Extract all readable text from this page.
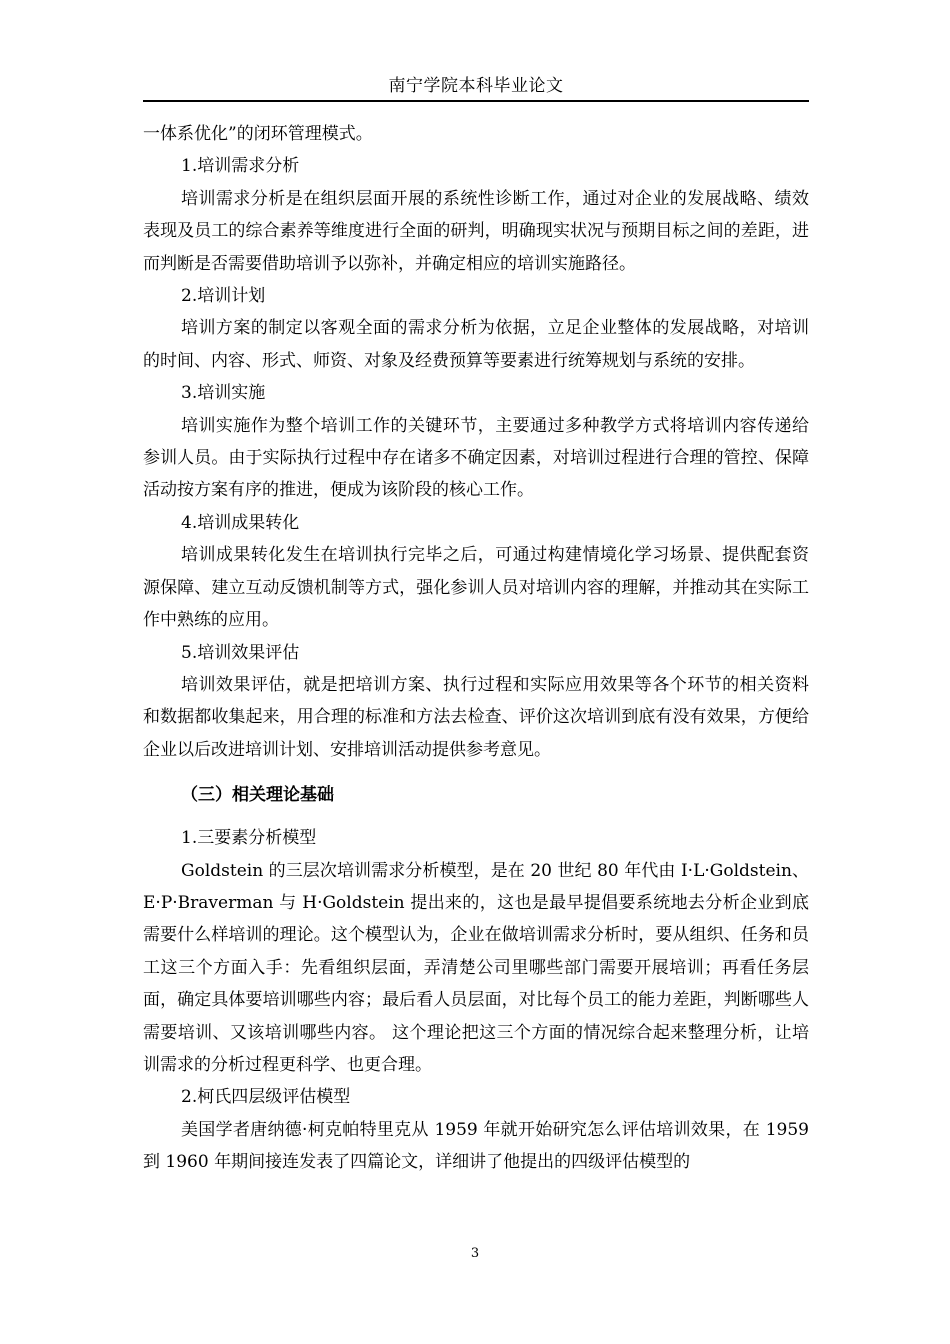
南宁学院本科毕业论文

一体系优化”的闭环管理模式。

1.培训需求分析

培训需求分析是在组织层面开展的系统性诊断工作，通过对企业的发展战略、绩效表现及员工的综合素养等维度进行全面的研判，明确现实状况与预期目标之间的差距，进而判断是否需要借助培训予以弥补，并确定相应的培训实施路径。

2.培训计划

培训方案的制定以客观全面的需求分析为依据，立足企业整体的发展战略，对培训的时间、内容、形式、师资、对象及经费预算等要素进行统筹规划与系统的安排。

3.培训实施

培训实施作为整个培训工作的关键环节，主要通过多种教学方式将培训内容传递给参训人员。由于实际执行过程中存在诸多不确定因素，对培训过程进行合理的管控、保障活动按方案有序的推进，便成为该阶段的核心工作。

4.培训成果转化

培训成果转化发生在培训执行完毕之后，可通过构建情境化学习场景、提供配套资源保障、建立互动反馈机制等方式，强化参训人员对培训内容的理解，并推动其在实际工作中熟练的应用。

5.培训效果评估

培训效果评估，就是把培训方案、执行过程和实际应用效果等各个环节的相关资料和数据都收集起来，用合理的标准和方法去检查、评价这次培训到底有没有效果，方便给企业以后改进培训计划、安排培训活动提供参考意见。

（三）相关理论基础

1.三要素分析模型

Goldstein 的三层次培训需求分析模型，是在 20 世纪 80 年代由 I·L·Goldstein、E·P·Braverman 与 H·Goldstein 提出来的，这也是最早提倡要系统地去分析企业到底需要什么样培训的理论。这个模型认为，企业在做培训需求分析时，要从组织、任务和员工这三个方面入手：先看组织层面，弄清楚公司里哪些部门需要开展培训；再看任务层面，确定具体要培训哪些内容；最后看人员层面，对比每个员工的能力差距，判断哪些人需要培训、又该培训哪些内容。 这个理论把这三个方面的情况综合起来整理分析，让培训需求的分析过程更科学、也更合理。

2.柯氏四层级评估模型

美国学者唐纳德·柯克帕特里克从 1959 年就开始研究怎么评估培训效果，在 1959 到 1960 年期间接连发表了四篇论文，详细讲了他提出的四级评估模型的

3
